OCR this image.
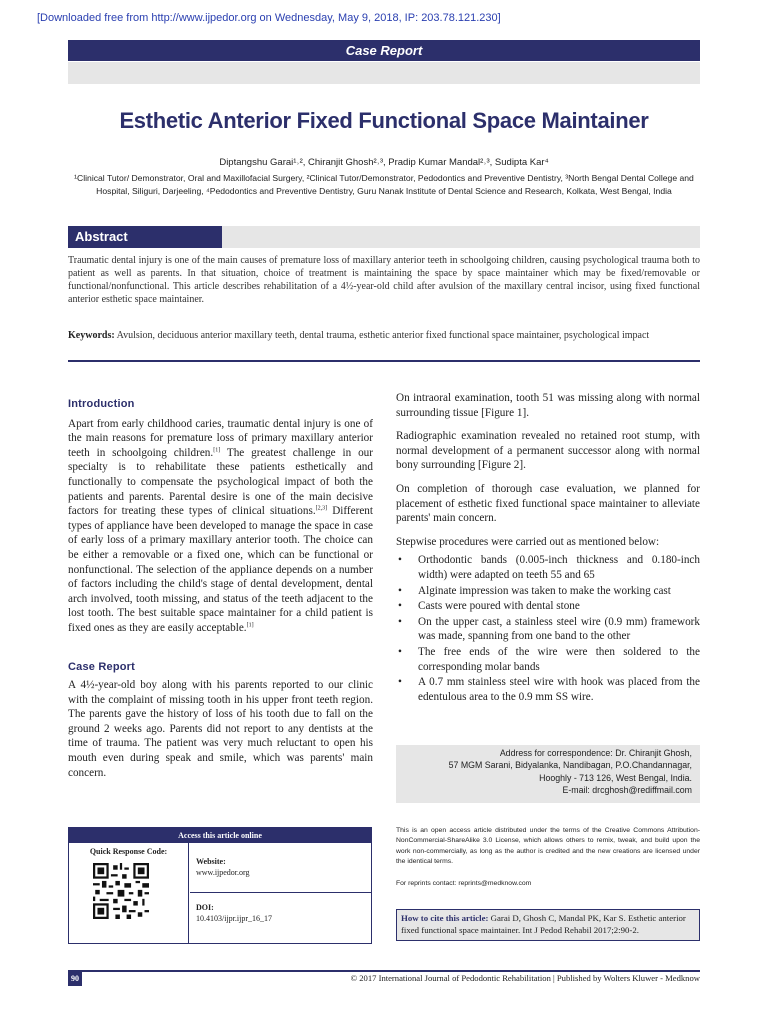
[Downloaded free from http://www.ijpedor.org on Wednesday, May 9, 2018, IP: 203.78.121.230]
Case Report
Esthetic Anterior Fixed Functional Space Maintainer
Diptangshu Garai¹˒², Chiranjit Ghosh²˒³, Pradip Kumar Mandal²˒³, Sudipta Kar⁴
¹Clinical Tutor/ Demonstrator, Oral and Maxillofacial Surgery, ²Clinical Tutor/Demonstrator, Pedodontics and Preventive Dentistry, ³North Bengal Dental College and Hospital, Siliguri, Darjeeling, ⁴Pedodontics and Preventive Dentistry, Guru Nanak Institute of Dental Science and Research, Kolkata, West Bengal, India
Abstract

Traumatic dental injury is one of the main causes of premature loss of maxillary anterior teeth in schoolgoing children, causing psychological trauma both to patient as well as parents. In that situation, choice of treatment is maintaining the space by space maintainer which may be fixed/removable or functional/nonfunctional. This article describes rehabilitation of a 4½-year-old child after avulsion of the maxillary central incisor, using fixed functional anterior esthetic space maintainer.

Keywords: Avulsion, deciduous anterior maxillary teeth, dental trauma, esthetic anterior fixed functional space maintainer, psychological impact

Introduction

Apart from early childhood caries, traumatic dental injury is one of the main reasons for premature loss of primary maxillary anterior teeth in schoolgoing children.[1] The greatest challenge in our specialty is to rehabilitate these patients esthetically and functionally to compensate the psychological impact of both the patients and parents. Parental desire is one of the main decisive factors for treating these types of clinical situations.[2,3] Different types of appliance have been developed to manage the space in case of early loss of a primary maxillary anterior tooth. The choice can be either a removable or a fixed one, which can be functional or nonfunctional. The selection of the appliance depends on a number of factors including the child's stage of dental development, dental arch involved, tooth missing, and status of the teeth adjacent to the lost tooth. The best suitable space maintainer for a child patient is fixed ones as they are easily acceptable.[1]

Case Report

A 4½-year-old boy along with his parents reported to our clinic with the complaint of missing tooth in his upper front teeth region. The parents gave the history of loss of his tooth due to fall on the ground 2 weeks ago. Parents did not report to any dentists at the time of trauma. The patient was very much reluctant to open his mouth even during speak and smile, which was parents' main concern.

On intraoral examination, tooth 51 was missing along with normal surrounding tissue [Figure 1].

Radiographic examination revealed no retained root stump, with normal development of a permanent successor along with normal bony surrounding [Figure 2].

On completion of thorough case evaluation, we planned for placement of esthetic fixed functional space maintainer to alleviate parents' main concern.

Stepwise procedures were carried out as mentioned below:

• Orthodontic bands (0.005-inch thickness and 0.180-inch width) were adapted on teeth 55 and 65
• Alginate impression was taken to make the working cast
• Casts were poured with dental stone
• On the upper cast, a stainless steel wire (0.9 mm) framework was made, spanning from one band to the other
• The free ends of the wire were then soldered to the corresponding molar bands
• A 0.7 mm stainless steel wire with hook was placed from the edentulous area to the 0.9 mm SS wire.
Address for correspondence: Dr. Chiranjit Ghosh,
57 MGM Sarani, Bidyalanka, Nandibagan, P.O.Chandannagar,
Hooghly - 713 126, West Bengal, India.
E-mail: drcghosh@rediffmail.com
Access this article online
Quick Response Code:
Website:
www.ijpedor.org
DOI:
10.4103/ijpr.ijpr_16_17

This is an open access article distributed under the terms of the Creative Commons Attribution-NonCommercial-ShareAlike 3.0 License, which allows others to remix, tweak, and build upon the work non-commercially, as long as the author is credited and the new creations are licensed under the identical terms.

For reprints contact: reprints@medknow.com

How to cite this article: Garai D, Ghosh C, Mandal PK, Kar S. Esthetic anterior fixed functional space maintainer. Int J Pedod Rehabil 2017;2:90-2.
90	© 2017 International Journal of Pedodontic Rehabilitation | Published by Wolters Kluwer - Medknow
